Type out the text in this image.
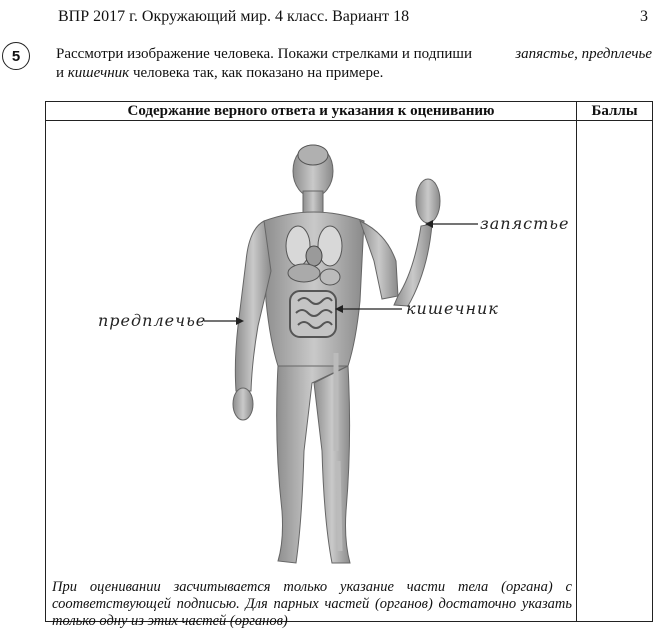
ВПР 2017 г. Окружающий мир. 4 класс. Вариант 18	3
5	Рассмотри изображение человека. Покажи стрелками и подпиши	запястье, предплечье
и кишечник человека так, как показано на примере.
Содержание верного ответа и указания к оцениванию	Баллы

запястье
кишечник
предплечье
При оценивании засчитывается только указание части тела (органа) с соответствующей подписью. Для парных частей (органов) достаточно указать только одну из этих частей (органов)	
